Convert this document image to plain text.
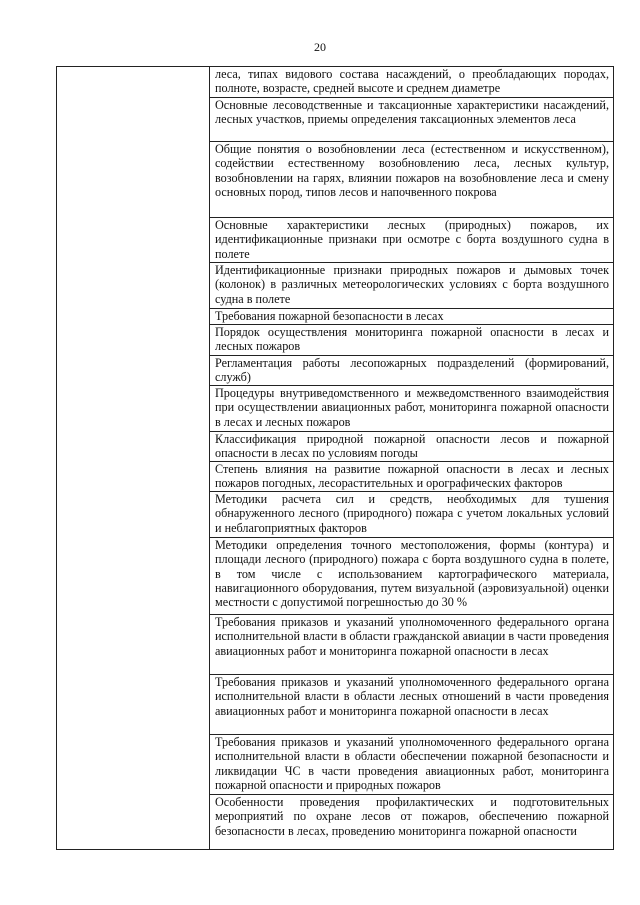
20
леса, типах видового состава насаждений, о преобладающих породах, полноте, возрасте, средней высоте и среднем диаметре
Основные лесоводственные и таксационные характеристики насаждений, лесных участков, приемы определения таксационных элементов леса
Общие понятия о возобновлении леса (естественном и искусственном), содействии естественному возобновлению леса, лесных культур, возобновлении на гарях, влиянии пожаров на возобновление леса и смену основных пород, типов лесов и напочвенного покрова
Основные характеристики лесных (природных) пожаров, их идентификационные признаки при осмотре с борта воздушного судна в полете
Идентификационные признаки природных пожаров и дымовых точек (колонок) в различных метеорологических условиях с борта воздушного судна в полете
Требования пожарной безопасности в лесах
Порядок осуществления мониторинга пожарной опасности в лесах и лесных пожаров
Регламентация работы лесопожарных подразделений (формирований, служб)
Процедуры внутриведомственного и межведомственного взаимодействия при осуществлении авиационных работ, мониторинга пожарной опасности в лесах и лесных пожаров
Классификация природной пожарной опасности лесов и пожарной опасности в лесах по условиям погоды
Степень влияния на развитие пожарной опасности в лесах и лесных пожаров погодных, лесорастительных и орографических факторов
Методики расчета сил и средств, необходимых для тушения обнаруженного лесного (природного) пожара с учетом локальных условий и неблагоприятных факторов
Методики определения точного местоположения, формы (контура) и площади лесного (природного) пожара с борта воздушного судна в полете, в том числе с использованием картографического материала, навигационного оборудования, путем визуальной (аэровизуальной) оценки местности с допустимой погрешностью до 30 %
Требования приказов и указаний уполномоченного федерального органа исполнительной власти в области гражданской авиации в части проведения авиационных работ и мониторинга пожарной опасности в лесах
Требования приказов и указаний уполномоченного федерального органа исполнительной власти в области лесных отношений в части проведения авиационных работ и мониторинга пожарной опасности в лесах
Требования приказов и указаний уполномоченного федерального органа исполнительной власти в области обеспечении пожарной безопасности и ликвидации ЧС в части проведения авиационных работ, мониторинга пожарной опасности и природных пожаров
Особенности проведения профилактических и подготовительных мероприятий по охране лесов от пожаров, обеспечению пожарной безопасности в лесах, проведению мониторинга пожарной опасности
